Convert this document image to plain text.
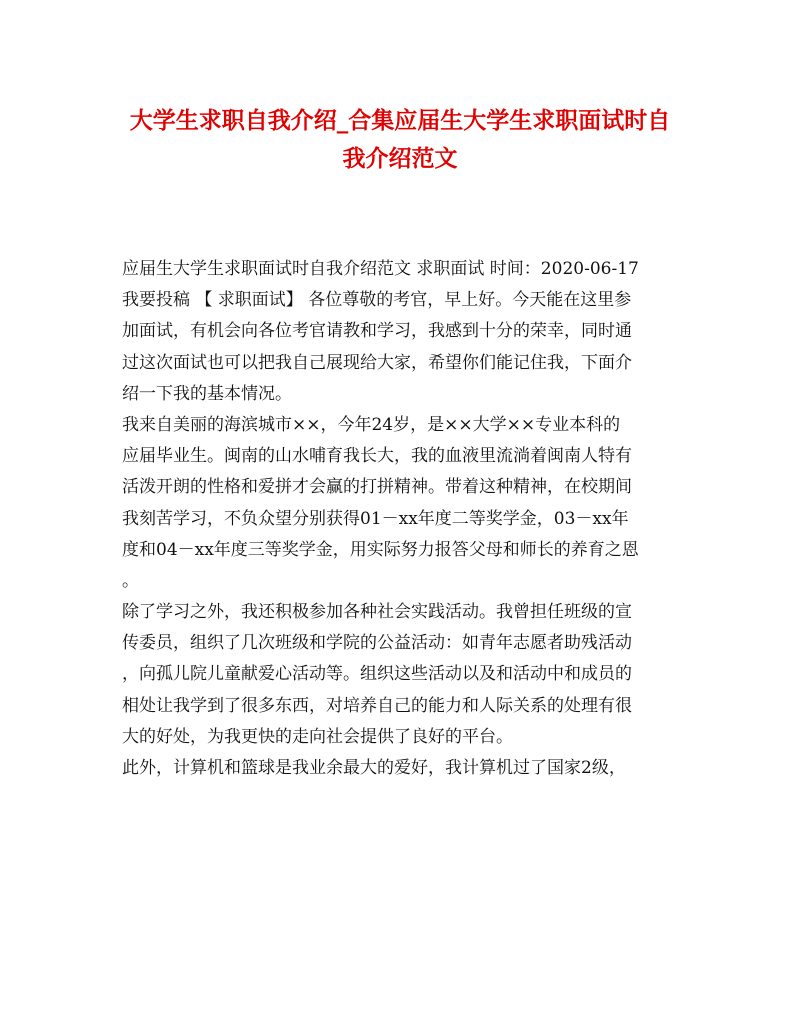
大学生求职自我介绍_合集应届生大学生求职面试时自
我介绍范文
应届生大学生求职面试时自我介绍范文 求职面试 时间：2020-06-17
我要投稿 【 求职面试】 各位尊敬的考官，早上好。今天能在这里参
加面试，有机会向各位考官请教和学习，我感到十分的荣幸，同时通
过这次面试也可以把我自己展现给大家，希望你们能记住我，下面介
绍一下我的基本情况。
我来自美丽的海滨城市××，今年24岁，是××大学××专业本科的
应届毕业生。闽南的山水哺育我长大，我的血液里流淌着闽南人特有
活泼开朗的性格和爱拼才会赢的打拼精神。带着这种精神，在校期间
我刻苦学习，不负众望分别获得01－xx年度二等奖学金，03－xx年
度和04－xx年度三等奖学金，用实际努力报答父母和师长的养育之恩
。
除了学习之外，我还积极参加各种社会实践活动。我曾担任班级的宣
传委员，组织了几次班级和学院的公益活动：如青年志愿者助残活动
，向孤儿院儿童献爱心活动等。组织这些活动以及和活动中和成员的
相处让我学到了很多东西，对培养自己的能力和人际关系的处理有很
大的好处，为我更快的走向社会提供了良好的平台。
此外，计算机和篮球是我业余最大的爱好，我计算机过了国家2级，
